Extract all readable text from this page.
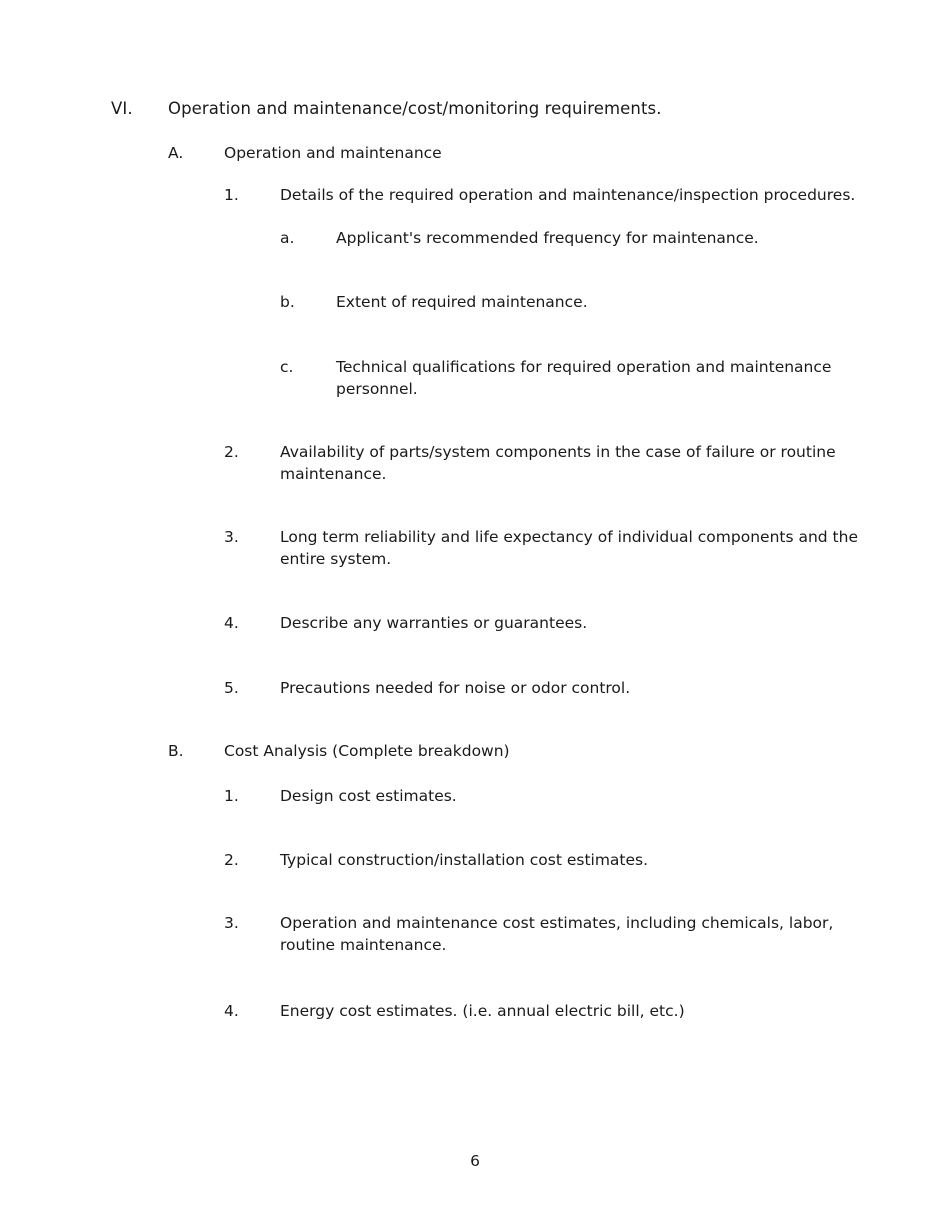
VI. Operation and maintenance/cost/monitoring requirements.
A.	Operation and maintenance
1.	Details of the required operation and maintenance/inspection procedures.
a.	Applicant's recommended frequency for maintenance.
b.	Extent of required maintenance.
c.	Technical qualifications for required operation and maintenance personnel.
2.	Availability of parts/system components in the case of failure or routine maintenance.
3.	Long term reliability and life expectancy of individual components and the entire system.
4.	Describe any warranties or guarantees.
5.	Precautions needed for noise or odor control.
B.	Cost Analysis (Complete breakdown)
1.	Design cost estimates.
2.	Typical construction/installation cost estimates.
3.	Operation and maintenance cost estimates, including chemicals, labor, routine maintenance.
4.	Energy cost estimates. (i.e. annual electric bill, etc.)
6
